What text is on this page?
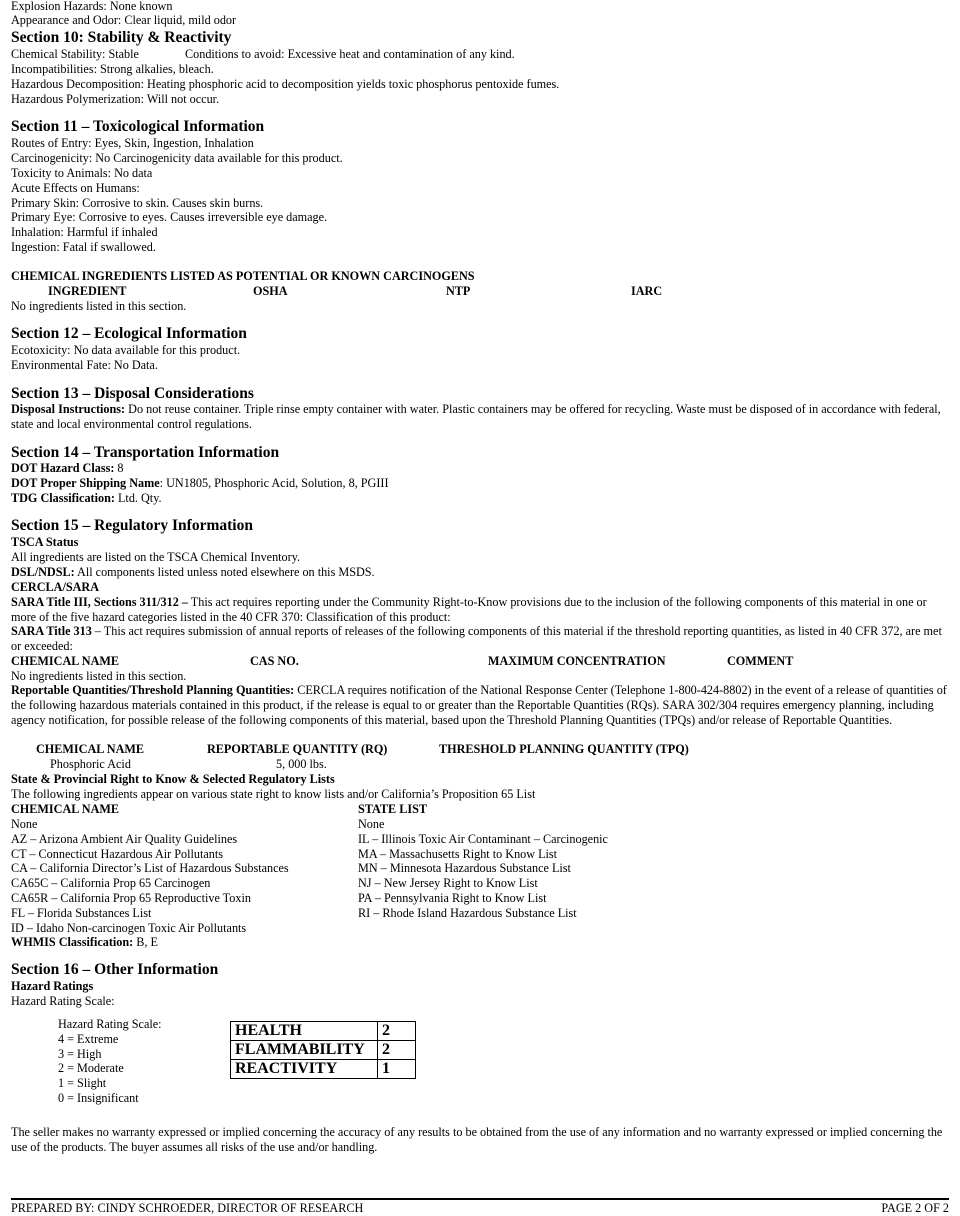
Explosion Hazards: None known
Appearance and Odor: Clear liquid, mild odor
Section 10: Stability & Reactivity
Chemical Stability: Stable	Conditions to avoid: Excessive heat and contamination of any kind.
Incompatibilities: Strong alkalies, bleach.
Hazardous Decomposition: Heating phosphoric acid to decomposition yields toxic phosphorus pentoxide fumes.
Hazardous Polymerization: Will not occur.
Section 11 – Toxicological Information
Routes of Entry: Eyes, Skin, Ingestion, Inhalation
Carcinogenicity: No Carcinogenicity data available for this product.
Toxicity to Animals: No data
Acute Effects on Humans:
Primary Skin: Corrosive to skin. Causes skin burns.
Primary Eye: Corrosive to eyes. Causes irreversible eye damage.
Inhalation: Harmful if inhaled
Ingestion: Fatal if swallowed.
CHEMICAL INGREDIENTS LISTED AS POTENTIAL OR KNOWN CARCINOGENS
INGREDIENT	OSHA	NTP	IARC
No ingredients listed in this section.
Section 12 – Ecological Information
Ecotoxicity: No data available for this product.
Environmental Fate: No Data.
Section 13 – Disposal Considerations
Disposal Instructions: Do not reuse container. Triple rinse empty container with water. Plastic containers may be offered for recycling. Waste must be disposed of in accordance with federal, state and local environmental control regulations.
Section 14 – Transportation Information
DOT Hazard Class: 8
DOT Proper Shipping Name: UN1805, Phosphoric Acid, Solution, 8, PGIII
TDG Classification: Ltd. Qty.
Section 15 – Regulatory Information
TSCA Status
All ingredients are listed on the TSCA Chemical Inventory.
DSL/NDSL: All components listed unless noted elsewhere on this MSDS.
CERCLA/SARA
SARA Title III, Sections 311/312 – This act requires reporting under the Community Right-to-Know provisions due to the inclusion of the following components of this material in one or more of the five hazard categories listed in the 40 CFR 370: Classification of this product:
SARA Title 313 – This act requires submission of annual reports of releases of the following components of this material if the threshold reporting quantities, as listed in 40 CFR 372, are met or exceeded:
CHEMICAL NAME	CAS NO.	MAXIMUM CONCENTRATION	COMMENT
No ingredients listed in this section.
Reportable Quantities/Threshold Planning Quantities: CERCLA requires notification of the National Response Center (Telephone 1-800-424-8802) in the event of a release of quantities of the following hazardous materials contained in this product, if the release is equal to or greater than the Reportable Quantities (RQs). SARA 302/304 requires emergency planning, including agency notification, for possible release of the following components of this material, based upon the Threshold Planning Quantities (TPQs) and/or release of Reportable Quantities.
CHEMICAL NAME	REPORTABLE QUANTITY (RQ)	THRESHOLD PLANNING QUANTITY (TPQ)
Phosphoric Acid	5, 000 lbs.
State & Provincial Right to Know & Selected Regulatory Lists
The following ingredients appear on various state right to know lists and/or California’s Proposition 65 List
CHEMICAL NAME	STATE LIST
None	None
AZ – Arizona Ambient Air Quality Guidelines	IL – Illinois Toxic Air Contaminant – Carcinogenic
CT – Connecticut Hazardous Air Pollutants	MA – Massachusetts Right to Know List
CA – California Director’s List of Hazardous Substances	MN – Minnesota Hazardous Substance List
CA65C – California Prop 65 Carcinogen	NJ – New Jersey Right to Know List
CA65R – California Prop 65 Reproductive Toxin	PA – Pennsylvania Right to Know List
FL – Florida Substances List	RI – Rhode Island Hazardous Substance List
ID – Idaho Non-carcinogen Toxic Air Pollutants
WHMIS Classification: B, E
Section 16 – Other Information
Hazard Ratings
Hazard Rating Scale:
Hazard Rating Scale:
4 = Extreme
3 = High
2 = Moderate
1 = Slight
0 = Insignificant
The seller makes no warranty expressed or implied concerning the accuracy of any results to be obtained from the use of any information and no warranty expressed or implied concerning the use of the products. The buyer assumes all risks of the use and/or handling.
HEALTH	2
FLAMMABILITY	2
REACTIVITY	1
PREPARED BY: CINDY SCHROEDER, DIRECTOR OF RESEARCH	PAGE 2 OF 2
